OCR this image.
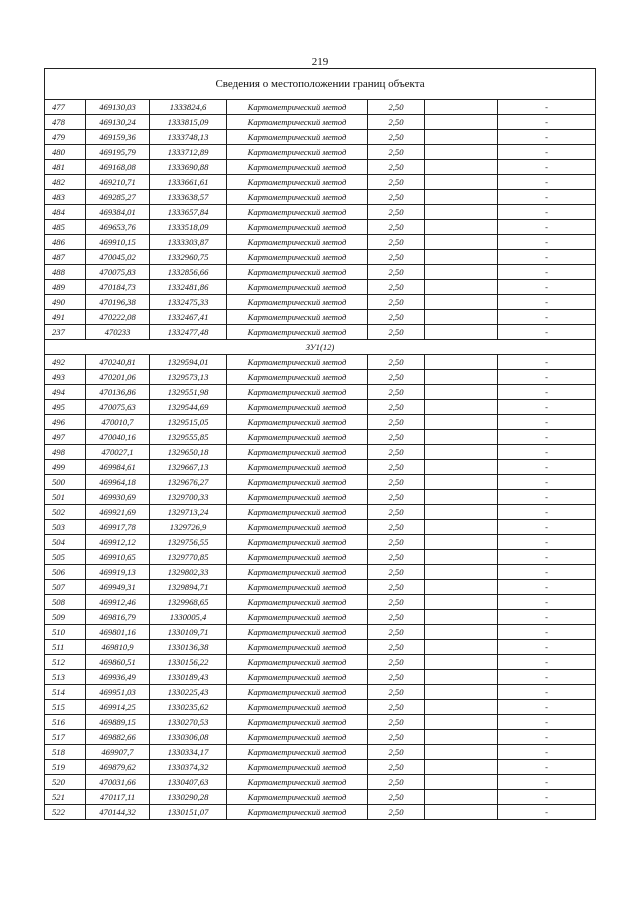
219
Сведения о местоположении границ объекта						
477	469130,03	1333824,6	Картометрический метод	2,50		-
478	469130,24	1333815,09	Картометрический метод	2,50		-
479	469159,36	1333748,13	Картометрический метод	2,50		-
480	469195,79	1333712,89	Картометрический метод	2,50		-
481	469168,08	1333690,88	Картометрический метод	2,50		-
482	469210,71	1333661,61	Картометрический метод	2,50		-
483	469285,27	1333638,57	Картометрический метод	2,50		-
484	469384,01	1333657,84	Картометрический метод	2,50		-
485	469653,76	1333518,09	Картометрический метод	2,50		-
486	469910,15	1333303,87	Картометрический метод	2,50		-
487	470045,02	1332960,75	Картометрический метод	2,50		-
488	470075,83	1332856,66	Картометрический метод	2,50		-
489	470184,73	1332481,86	Картометрический метод	2,50		-
490	470196,38	1332475,33	Картометрический метод	2,50		-
491	470222,08	1332467,41	Картометрический метод	2,50		-
237	470233	1332477,48	Картометрический метод	2,50		-
ЗУ1(12)						
492	470240,81	1329594,01	Картометрический метод	2,50		-
493	470201,06	1329573,13	Картометрический метод	2,50		-
494	470136,86	1329551,98	Картометрический метод	2,50		-
495	470075,63	1329544,69	Картометрический метод	2,50		-
496	470010,7	1329515,05	Картометрический метод	2,50		-
497	470040,16	1329555,85	Картометрический метод	2,50		-
498	470027,1	1329650,18	Картометрический метод	2,50		-
499	469984,61	1329667,13	Картометрический метод	2,50		-
500	469964,18	1329676,27	Картометрический метод	2,50		-
501	469930,69	1329700,33	Картометрический метод	2,50		-
502	469921,69	1329713,24	Картометрический метод	2,50		-
503	469917,78	1329726,9	Картометрический метод	2,50		-
504	469912,12	1329756,55	Картометрический метод	2,50		-
505	469910,65	1329770,85	Картометрический метод	2,50		-
506	469919,13	1329802,33	Картометрический метод	2,50		-
507	469949,31	1329894,71	Картометрический метод	2,50		-
508	469912,46	1329968,65	Картометрический метод	2,50		-
509	469816,79	1330005,4	Картометрический метод	2,50		-
510	469801,16	1330109,71	Картометрический метод	2,50		-
511	469810,9	1330136,38	Картометрический метод	2,50		-
512	469860,51	1330156,22	Картометрический метод	2,50		-
513	469936,49	1330189,43	Картометрический метод	2,50		-
514	469951,03	1330225,43	Картометрический метод	2,50		-
515	469914,25	1330235,62	Картометрический метод	2,50		-
516	469889,15	1330270,53	Картометрический метод	2,50		-
517	469882,66	1330306,08	Картометрический метод	2,50		-
518	469907,7	1330334,17	Картометрический метод	2,50		-
519	469879,62	1330374,32	Картометрический метод	2,50		-
520	470031,66	1330407,63	Картометрический метод	2,50		-
521	470117,11	1330290,28	Картометрический метод	2,50		-
522	470144,32	1330151,07	Картометрический метод	2,50		-
